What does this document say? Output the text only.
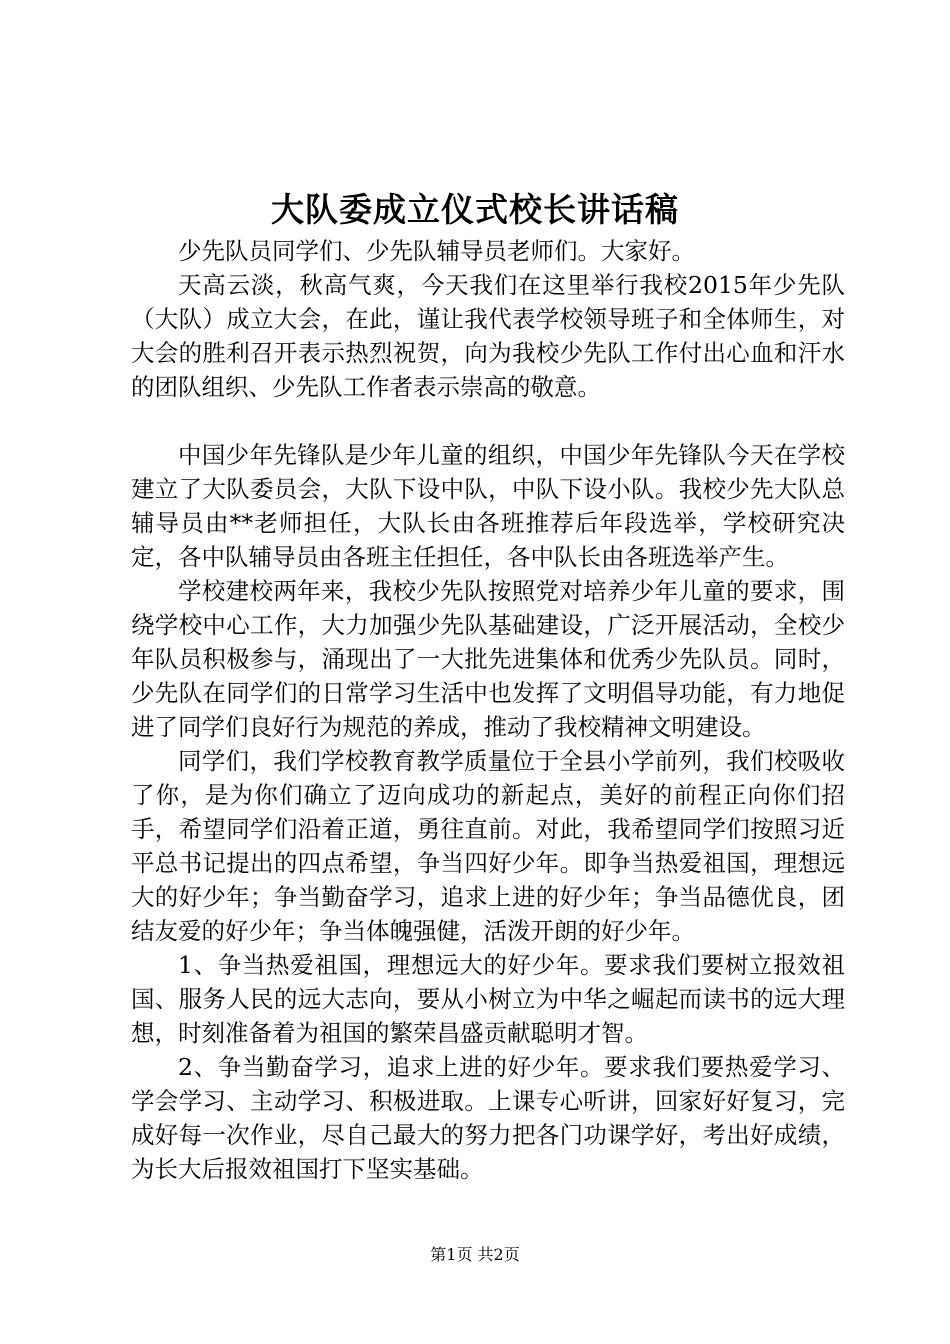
大队委成立仪式校长讲话稿

少先队员同学们、少先队辅导员老师们。大家好。

天高云淡，秋高气爽，今天我们在这里举行我校2015年少先队（大队）成立大会，在此，谨让我代表学校领导班子和全体师生，对大会的胜利召开表示热烈祝贺，向为我校少先队工作付出心血和汗水的团队组织、少先队工作者表示崇高的敬意。

中国少年先锋队是少年儿童的组织，中国少年先锋队今天在学校建立了大队委员会，大队下设中队，中队下设小队。我校少先大队总辅导员由**老师担任，大队长由各班推荐后年段选举，学校研究决定，各中队辅导员由各班主任担任，各中队长由各班选举产生。

学校建校两年来，我校少先队按照党对培养少年儿童的要求，围绕学校中心工作，大力加强少先队基础建设，广泛开展活动，全校少年队员积极参与，涌现出了一大批先进集体和优秀少先队员。同时，少先队在同学们的日常学习生活中也发挥了文明倡导功能，有力地促进了同学们良好行为规范的养成，推动了我校精神文明建设。

同学们，我们学校教育教学质量位于全县小学前列，我们校吸收了你，是为你们确立了迈向成功的新起点，美好的前程正向你们招手，希望同学们沿着正道，勇往直前。对此，我希望同学们按照习近平总书记提出的四点希望，争当四好少年。即争当热爱祖国，理想远大的好少年；争当勤奋学习，追求上进的好少年；争当品德优良，团结友爱的好少年；争当体魄强健，活泼开朗的好少年。

1、争当热爱祖国，理想远大的好少年。要求我们要树立报效祖国、服务人民的远大志向，要从小树立为中华之崛起而读书的远大理想，时刻准备着为祖国的繁荣昌盛贡献聪明才智。

2、争当勤奋学习，追求上进的好少年。要求我们要热爱学习、学会学习、主动学习、积极进取。上课专心听讲，回家好好复习，完成好每一次作业，尽自己最大的努力把各门功课学好，考出好成绩，为长大后报效祖国打下坚实基础。

第1页 共2页
